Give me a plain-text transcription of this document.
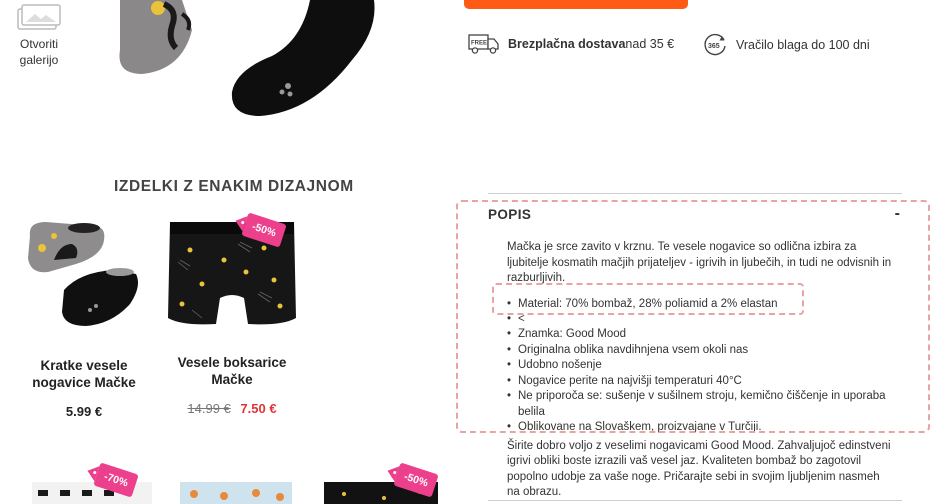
Otvoriti galerijo
FREE Brezplačna dostava nad 35 €	365 Vračilo blaga do 100 dni
IZDELKI Z ENAKIM DIZAJNOM
Kratke vesele nogavice Mačke
5.99 €
-50%
Vesele boksarice Mačke
14.99 € 7.50 €
-70%	-50%
POPIS	-

Mačka je srce zavito v krznu. Te vesele nogavice so odlična izbira za ljubitelje kosmatih mačjih prijateljev - igrivih in ljubečih, in tudi ne odvisnih in razburljivih.

• Material: 70% bombaž, 28% poliamid a 2% elastan
• <
• Znamka: Good Mood
• Originalna oblika navdihnjena vsem okoli nas
• Udobno nošenje
• Nogavice perite na najvišji temperaturi 40°C
• Ne priporoča se: sušenje v sušilnem stroju, kemično čiščenje in uporaba belila
• Oblikovane na Slovaškem, proizvajane v Turčiji.

Širite dobro voljo z veselimi nogavicami Good Mood. Zahvaljujoč edinstveni igrivi obliki boste izrazili vaš vesel jaz. Kvaliteten bombaž bo zagotovil popolno udobje za vaše noge. Pričarajte sebi in svojim ljubljenim nasmeh na obrazu.
